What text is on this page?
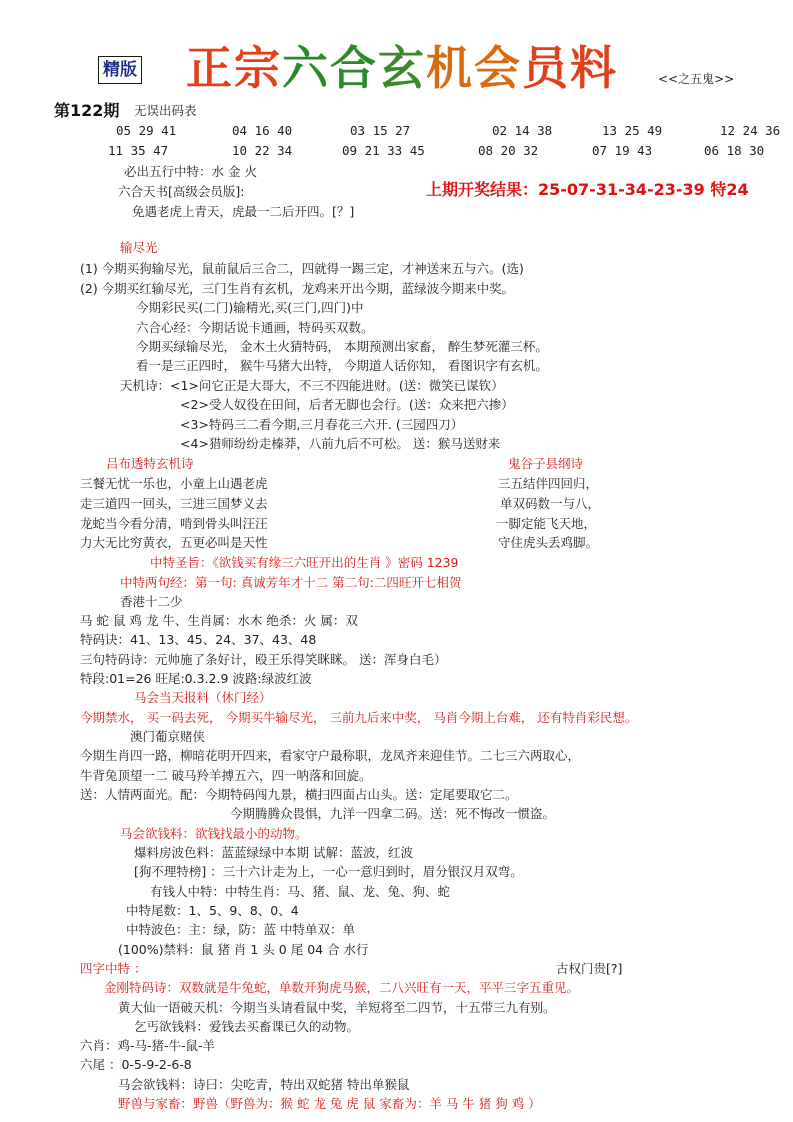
精版 正宗六合玄机会员料	<<之五鬼>>
第122期 无误出码表
05 29 41	04 16 40	03 15 27	02 14 38	13 25 49	12 24 36
11 35 47	10 22 34	09 21 33 45	08 20 32	07 19 43	06 18 30
必出五行中特：水 金 火
六合天书[高级会员版]:	上期开奖结果：25-07-31-34-23-39 特24
免遇老虎上青天，虎最一二后开四。[？]
输尽光
(1) 今期买狗输尽光，鼠前鼠后三合二，四就得一踢三定，才神送来五与六。(选)
(2) 今期买红输尽光，三门生肖有玄机，龙鸡来开出今期，蓝绿波今期来中奖。
今期彩民买(二门)输精光,买(三门,四门)中
六合心经：今期话说卡通画，特码买双数。
今期买绿输尽光， 金木土火猜特码， 本期预测出家畜， 醉生梦死灌三杯。
看一是三正四时， 猴牛马猪大出特， 今期道人话你知， 看图识字有玄机。
天机诗：<1>问它正是大哥大，不三不四能进财。(送：微笑已谋钦）
<2>受人奴役在田间，后者无脚也会行。(送：众来把六掺）
<3>特码三二看今期,三月春花三六开. (三园四刀）
<4>猎师纷纷走榛莽，八前九后不可松。 送：猴马送财来
吕布透特玄机诗	鬼谷子县纲诗
三餐无忧一乐也，小童上山遇老虎	三五结伴四回归，
走三道四一回头，三进三国梦义去	单双码数一与八，
龙蛇当今看分清，啃到骨头叫汪汪	一脚定能飞天地，
力大无比穷黄衣，五更必叫是天性	守住虎头丢鸡脚。
中特圣旨：《欲钱买有缘三六旺开出的生肖 》密码 1239
中特两句经：第一句: 真诚芳年才十二 第二句:二四旺开七相贺
香港十二少
马 蛇 鼠 鸡 龙 牛、生肖属：水木 绝杀：火 属：双
特码诀：41、13、45、24、37、43、48
三句特码诗：元帅施了条好计，殴王乐得笑眯眯。 送：浑身白毛）
特段:01=26 旺尾:0.3.2.9 波路:绿波红波
马会当天报料（休门经）
今期禁水， 买一码去死， 今期买牛输尽光， 三前九后来中奖， 马肖今期上台难， 还有特肖彩民想。
澳门葡京赌侠
今期生肖四一路，柳暗花明开四来，看家守户最称职，龙凤齐来迎佳节。二七三六两取心，
牛背兔顶望一二 破马羚羊搏五六，四一呐落和回旋。
送：人情两面光。配：今期特码闯九景，横扫四面占山头。送：定尾要取它二。
今期腾腾众畏惧，九洋一四拿二码。送：死不悔改一惯盗。
马会欲钱料：欲钱找最小的动物。
爆料房波色料：蓝蓝绿绿中本期 试解：蓝波，红波
[狗不理特榜] ：三十六计走为上，一心一意归到时，眉分银汉月双弯。
有钱人中特：中特生肖：马、猪、鼠、龙、兔、狗、蛇
中特尾数：1、5、9、8、0、4
中特波色：主：绿，防：蓝 中特单双：单
(100%)禁料：鼠 猪 肖 1 头 0 尾 04 合 水行
四字中特 ：	古权门贵[?]
金刚特码诗：双数就是牛兔蛇，单数开狗虎马猴，二八兴旺有一天，平平三字五重见。
黄大仙一语破天机：今期当头请看鼠中奖，羊短将至二四节，十五带三九有别。
乞丐欲钱料：爱钱去买畜课已久的动物。
六肖：鸡-马-猪-牛-鼠-羊
六尾 ：0-5-9-2-6-8
马会欲钱料：诗曰：尖吃青，特出双蛇猪 特出单猴鼠
野兽与家畜：野兽（野兽为：猴 蛇 龙 兔 虎 鼠 家畜为：羊 马 牛 猪 狗 鸡 ）
